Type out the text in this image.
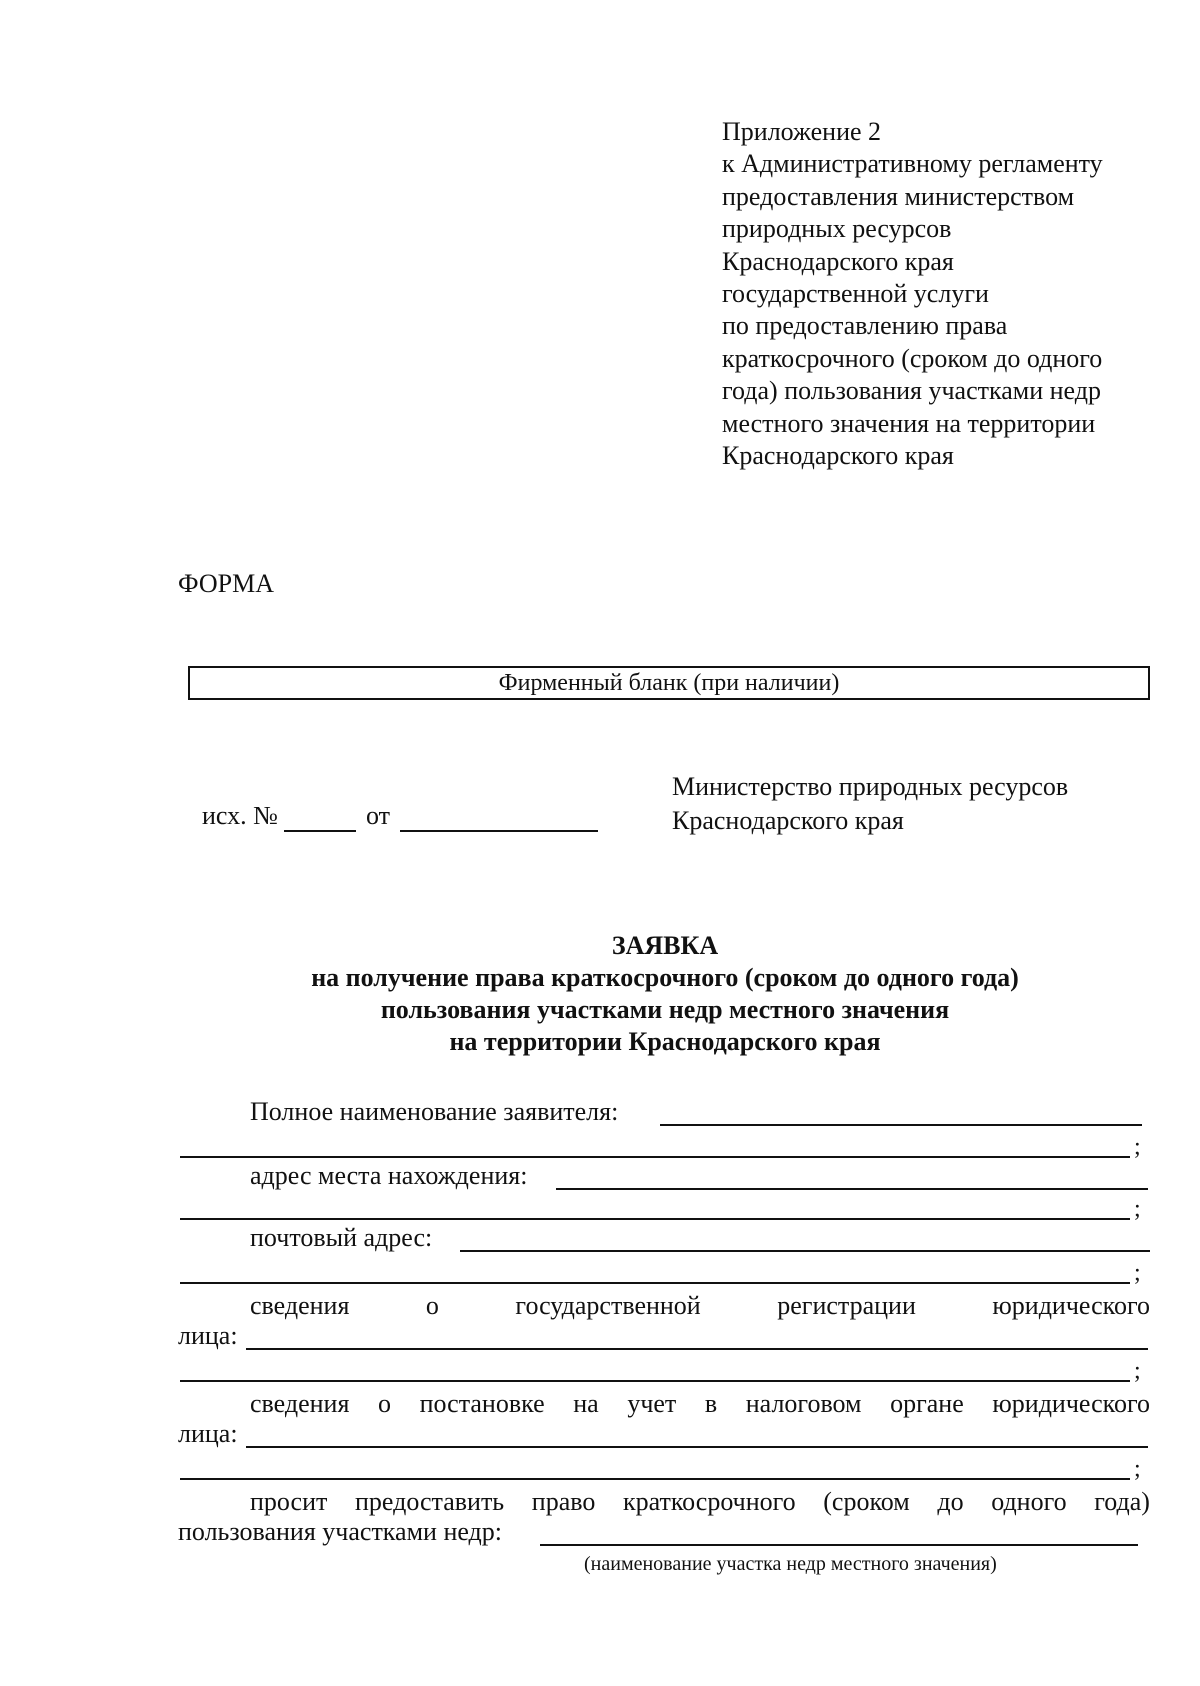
Приложение 2
к Административному регламенту
предоставления министерством
природных ресурсов
Краснодарского края
государственной услуги
по предоставлению права
краткосрочного (сроком до одного
года) пользования участками недр
местного значения на территории
Краснодарского края
ФОРМА
Фирменный бланк (при наличии)
исх. №	от
Министерство природных ресурсов
Краснодарского края
ЗАЯВКА
на получение права краткосрочного (сроком до одного года)
пользования участками недр местного значения
на территории Краснодарского края
Полное наименование заявителя:
;
адрес места нахождения:
;
почтовый адрес:
;
сведения	о	государственной	регистрации	юридического
лица:
;
сведения о постановке на учет в налоговом органе юридического
лица:
;
просит предоставить право краткосрочного (сроком до одного года)
пользования участками недр:
(наименование участка недр местного значения)
